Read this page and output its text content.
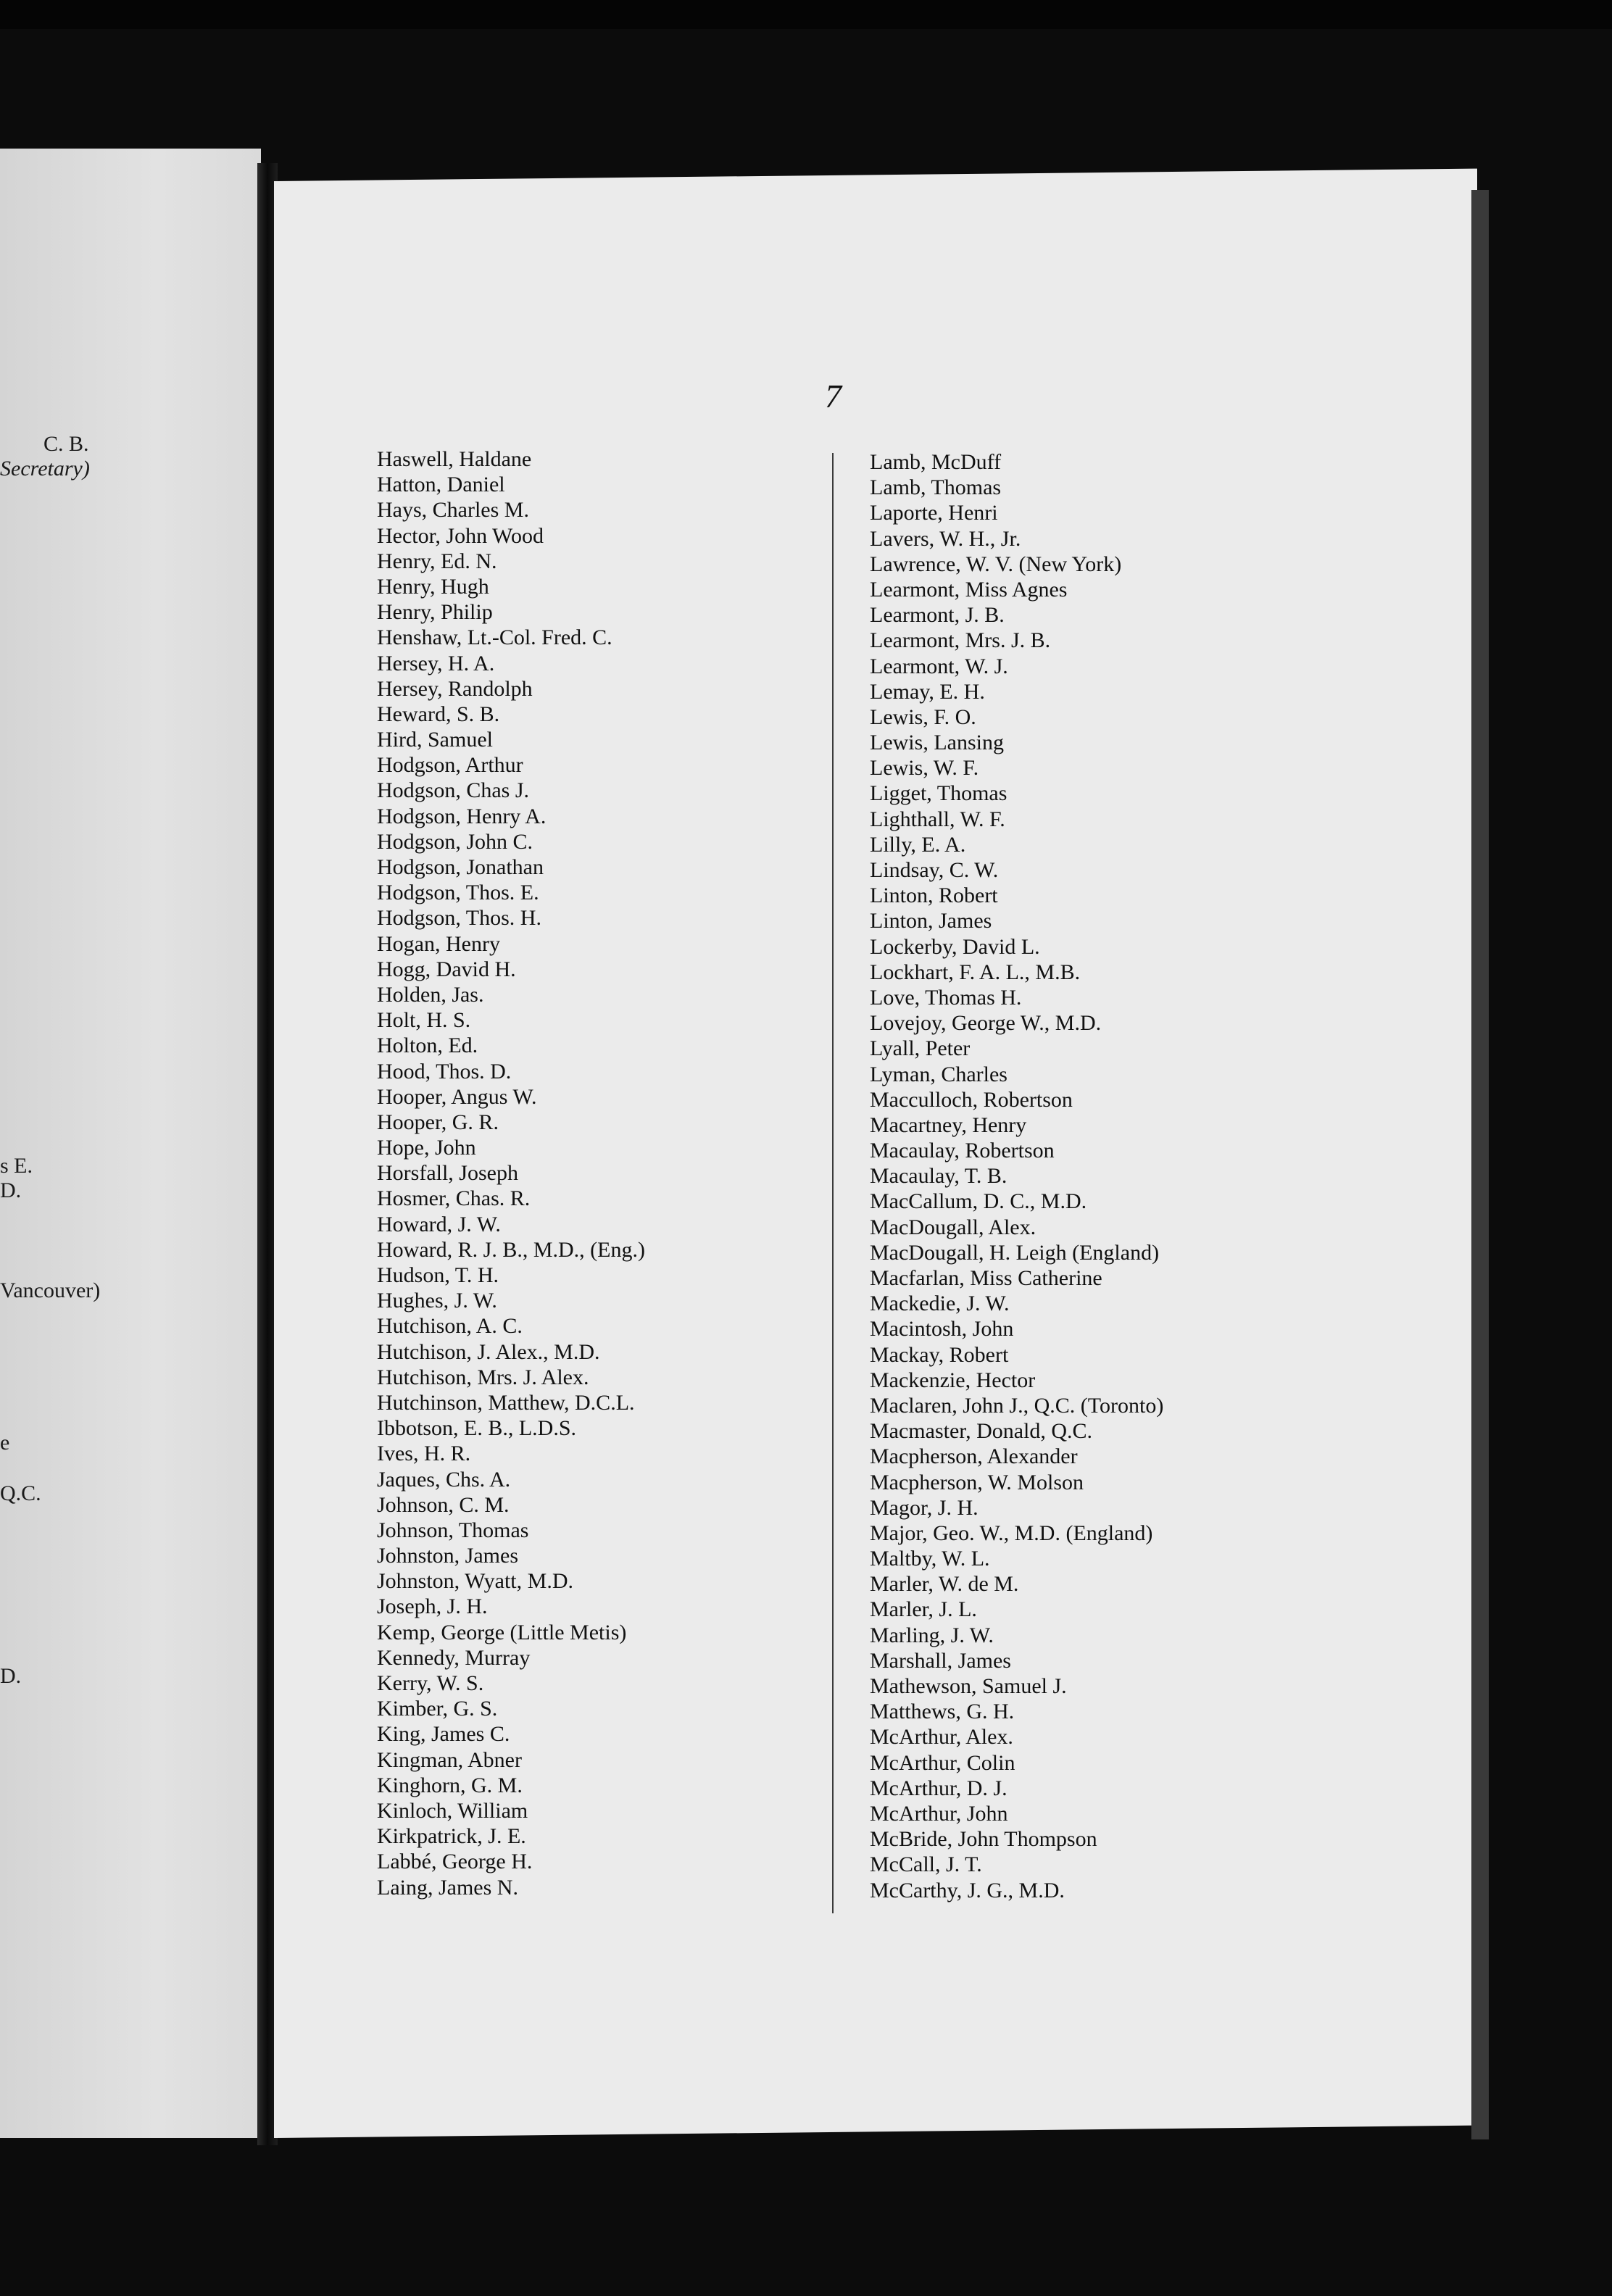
C. B.
Secretary)
s E.
D.
Vancouver)
e
Q.C.
D.
7
Haswell, Haldane
Hatton, Daniel
Hays, Charles M.
Hector, John Wood
Henry, Ed. N.
Henry, Hugh
Henry, Philip
Henshaw, Lt.-Col. Fred. C.
Hersey, H. A.
Hersey, Randolph
Heward, S. B.
Hird, Samuel
Hodgson, Arthur
Hodgson, Chas J.
Hodgson, Henry A.
Hodgson, John C.
Hodgson, Jonathan
Hodgson, Thos. E.
Hodgson, Thos. H.
Hogan, Henry
Hogg, David H.
Holden, Jas.
Holt, H. S.
Holton, Ed.
Hood, Thos. D.
Hooper, Angus W.
Hooper, G. R.
Hope, John
Horsfall, Joseph
Hosmer, Chas. R.
Howard, J. W.
Howard, R. J. B., M.D., (Eng.)
Hudson, T. H.
Hughes, J. W.
Hutchison, A. C.
Hutchison, J. Alex., M.D.
Hutchison, Mrs. J. Alex.
Hutchinson, Matthew, D.C.L.
Ibbotson, E. B., L.D.S.
Ives, H. R.
Jaques, Chs. A.
Johnson, C. M.
Johnson, Thomas
Johnston, James
Johnston, Wyatt, M.D.
Joseph, J. H.
Kemp, George (Little Metis)
Kennedy, Murray
Kerry, W. S.
Kimber, G. S.
King, James C.
Kingman, Abner
Kinghorn, G. M.
Kinloch, William
Kirkpatrick, J. E.
Labbé, George H.
Laing, James N.
Lamb, McDuff
Lamb, Thomas
Laporte, Henri
Lavers, W. H., Jr.
Lawrence, W. V. (New York)
Learmont, Miss Agnes
Learmont, J. B.
Learmont, Mrs. J. B.
Learmont, W. J.
Lemay, E. H.
Lewis, F. O.
Lewis, Lansing
Lewis, W. F.
Ligget, Thomas
Lighthall, W. F.
Lilly, E. A.
Lindsay, C. W.
Linton, Robert
Linton, James
Lockerby, David L.
Lockhart, F. A. L., M.B.
Love, Thomas H.
Lovejoy, George W., M.D.
Lyall, Peter
Lyman, Charles
Macculloch, Robertson
Macartney, Henry
Macaulay, Robertson
Macaulay, T. B.
MacCallum, D. C., M.D.
MacDougall, Alex.
MacDougall, H. Leigh (England)
Macfarlan, Miss Catherine
Mackedie, J. W.
Macintosh, John
Mackay, Robert
Mackenzie, Hector
Maclaren, John J., Q.C. (Toronto)
Macmaster, Donald, Q.C.
Macpherson, Alexander
Macpherson, W. Molson
Magor, J. H.
Major, Geo. W., M.D. (England)
Maltby, W. L.
Marler, W. de M.
Marler, J. L.
Marling, J. W.
Marshall, James
Mathewson, Samuel J.
Matthews, G. H.
McArthur, Alex.
McArthur, Colin
McArthur, D. J.
McArthur, John
McBride, John Thompson
McCall, J. T.
McCarthy, J. G., M.D.
